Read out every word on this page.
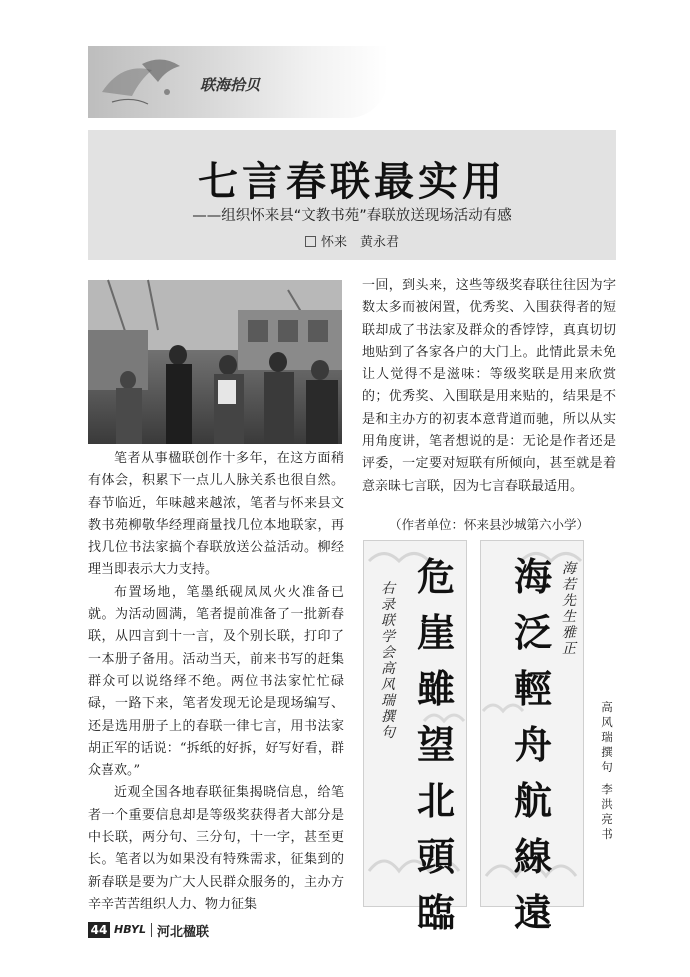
联海拾贝
七言春联最实用
——组织怀来县“文教书苑”春联放送现场活动有感
怀来　黄永君

笔者从事楹联创作十多年，在这方面稍有体会，积累下一点儿人脉关系也很自然。春节临近，年味越来越浓，笔者与怀来县文教书苑柳敬华经理商量找几位本地联家，再找几位书法家搞个春联放送公益活动。柳经理当即表示大力支持。

布置场地，笔墨纸砚凤凤火火准备已就。为活动圆满，笔者提前准备了一批新春联，从四言到十一言，及个别长联，打印了一本册子备用。活动当天，前来书写的赶集群众可以说络绎不绝。两位书法家忙忙碌碌，一路下来，笔者发现无论是现场编写、还是选用册子上的春联一律七言，用书法家胡正军的话说：“拆纸的好拆，好写好看，群众喜欢。”

近观全国各地春联征集揭晓信息，给笔者一个重要信息却是等级奖获得者大部分是中长联，两分句、三分句，十一字，甚至更长。笔者以为如果没有特殊需求，征集到的新春联是要为广大人民群众服务的，主办方辛辛苦苦组织人力、物力征集

一回，到头来，这些等级奖春联往往因为字数太多而被闲置，优秀奖、入围获得者的短联却成了书法家及群众的香饽饽，真真切切地贴到了各家各户的大门上。此情此景未免让人觉得不是滋味：等级奖联是用来欣赏的；优秀奖、入围联是用来贴的，结果是不是和主办方的初衷本意背道而驰，所以从实用角度讲，笔者想说的是：无论是作者还是评委，一定要对短联有所倾向，甚至就是着意亲昧七言联，因为七言春联最适用。

（作者单位：怀来县沙城第六小学）
危崖雖望北頭臨
右录联学会高风瑞撰句
海泛輕舟航線遠
海若先生雅正
高风瑞撰句
李洪亮书
44 HBYL 河北楹联
